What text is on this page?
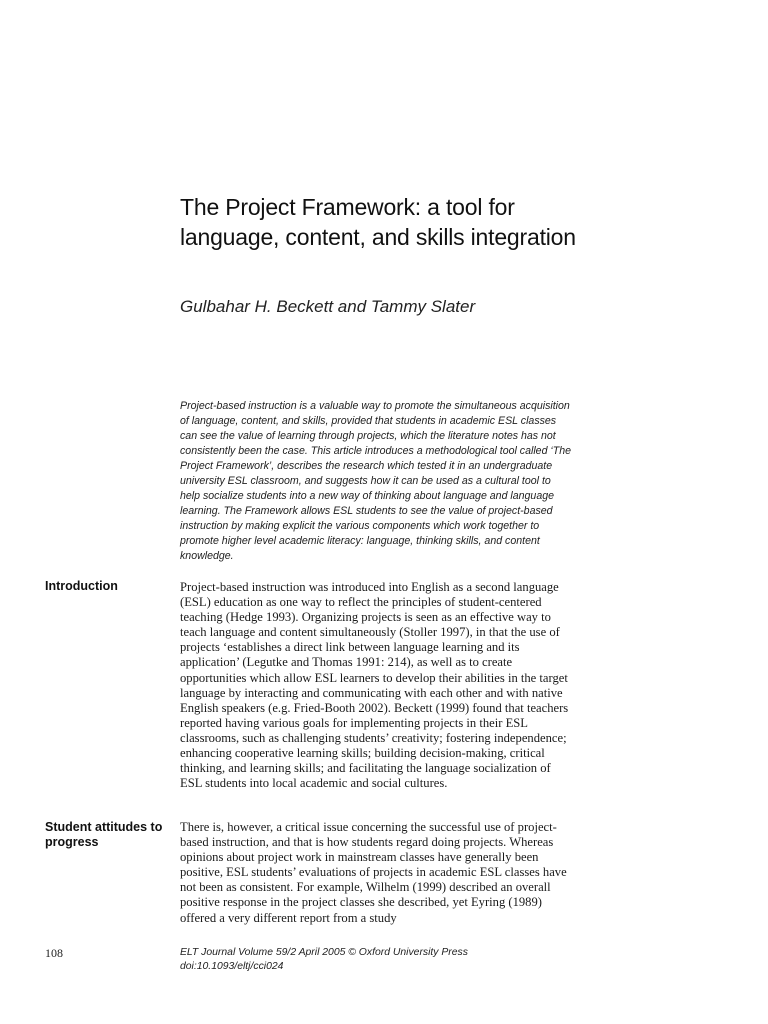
The Project Framework: a tool for language, content, and skills integration

Gulbahar H. Beckett and Tammy Slater

Project-based instruction is a valuable way to promote the simultaneous acquisition of language, content, and skills, provided that students in academic ESL classes can see the value of learning through projects, which the literature notes has not consistently been the case. This article introduces a methodological tool called ‘The Project Framework’, describes the research which tested it in an undergraduate university ESL classroom, and suggests how it can be used as a cultural tool to help socialize students into a new way of thinking about language and language learning. The Framework allows ESL students to see the value of project-based instruction by making explicit the various components which work together to promote higher level academic literacy: language, thinking skills, and content knowledge.

Introduction	Project-based instruction was introduced into English as a second language (ESL) education as one way to reflect the principles of student-centered teaching (Hedge 1993). Organizing projects is seen as an effective way to teach language and content simultaneously (Stoller 1997), in that the use of projects ‘establishes a direct link between language learning and its application’ (Legutke and Thomas 1991: 214), as well as to create opportunities which allow ESL learners to develop their abilities in the target language by interacting and communicating with each other and with native English speakers (e.g. Fried-Booth 2002). Beckett (1999) found that teachers reported having various goals for implementing projects in their ESL classrooms, such as challenging students’ creativity; fostering independence; enhancing cooperative learning skills; building decision-making, critical thinking, and learning skills; and facilitating the language socialization of ESL students into local academic and social cultures.

Student attitudes to progress

There is, however, a critical issue concerning the successful use of project-based instruction, and that is how students regard doing projects. Whereas opinions about project work in mainstream classes have generally been positive, ESL students’ evaluations of projects in academic ESL classes have not been as consistent. For example, Wilhelm (1999) described an overall positive response in the project classes she described, yet Eyring (1989) offered a very different report from a study

108	ELT Journal Volume 59/2 April 2005 © Oxford University Press
doi:10.1093/eltj/cci024
